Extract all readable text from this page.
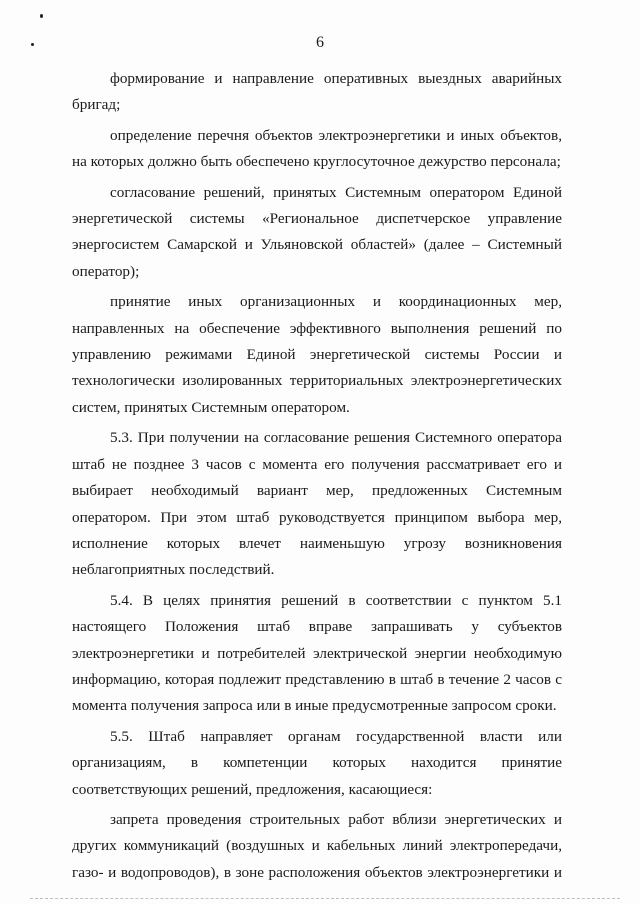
6

формирование и направление оперативных выездных аварийных
бригад;

определение перечня объектов электроэнергетики и иных объектов,
на которых должно быть обеспечено круглосуточное дежурство персонала;

согласование решений, принятых Системным оператором Единой
энергетической системы «Региональное диспетчерское управление
энергосистем Самарской и Ульяновской областей» (далее – Системный
оператор);

принятие иных организационных и координационных мер,
направленных на обеспечение эффективного выполнения решений по
управлению режимами Единой энергетической системы России и
технологически изолированных территориальных электроэнергетических
систем, принятых Системным оператором.

5.3. При получении на согласование решения Системного оператора
штаб не позднее 3 часов с момента его получения рассматривает его и
выбирает необходимый вариант мер, предложенных Системным
оператором. При этом штаб руководствуется принципом выбора мер,
исполнение которых влечет наименьшую угрозу возникновения
неблагоприятных последствий.

5.4. В целях принятия решений в соответствии с пунктом 5.1
настоящего Положения штаб вправе запрашивать у субъектов
электроэнергетики и потребителей электрической энергии необходимую
информацию, которая подлежит представлению в штаб в течение 2 часов с
момента получения запроса или в иные предусмотренные запросом сроки.

5.5. Штаб направляет органам государственной власти или
организациям, в компетенции которых находится принятие
соответствующих решений, предложения, касающиеся:

запрета проведения строительных работ вблизи энергетических и
других коммуникаций (воздушных и кабельных линий электропередачи,
газо- и водопроводов), в зоне расположения объектов электроэнергетики и
